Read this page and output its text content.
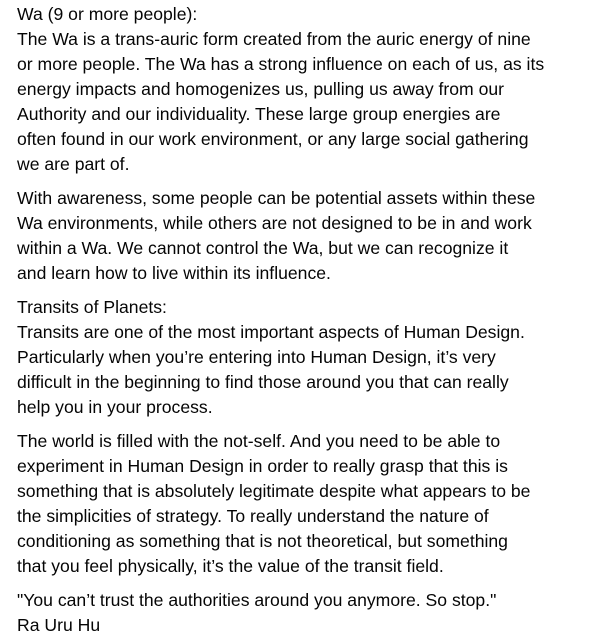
Wa (9 or more people):
The Wa is a trans-auric form created from the auric energy of nine
or more people. The Wa has a strong influence on each of us, as its
energy impacts and homogenizes us, pulling us away from our
Authority and our individuality. These large group energies are
often found in our work environment, or any large social gathering
we are part of.

With awareness, some people can be potential assets within these
Wa environments, while others are not designed to be in and work
within a Wa. We cannot control the Wa, but we can recognize it
and learn how to live within its influence.

Transits of Planets:
Transits are one of the most important aspects of Human Design.
Particularly when you’re entering into Human Design, it’s very
difficult in the beginning to find those around you that can really
help you in your process.

The world is filled with the not-self. And you need to be able to
experiment in Human Design in order to really grasp that this is
something that is absolutely legitimate despite what appears to be
the simplicities of strategy. To really understand the nature of
conditioning as something that is not theoretical, but something
that you feel physically, it’s the value of the transit field.

"You can’t trust the authorities around you anymore. So stop."
Ra Uru Hu
